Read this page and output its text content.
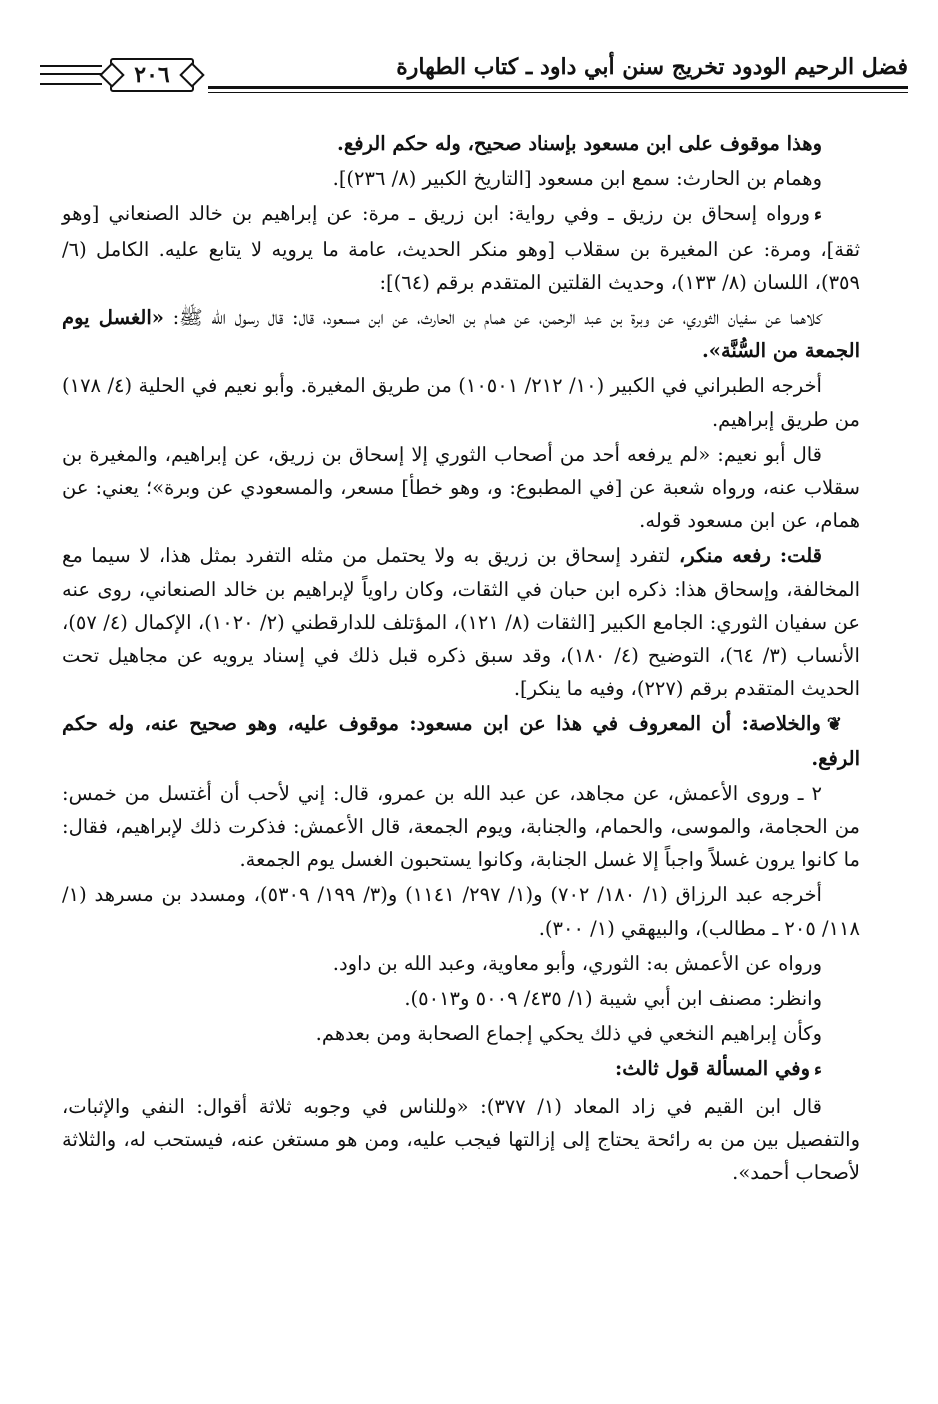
فضل الرحيم الودود تخريج سنن أبي داود ـ كتاب الطهارة
٢٠٦

وهذا موقوف على ابن مسعود بإسناد صحيح، وله حكم الرفع.

وهمام بن الحارث: سمع ابن مسعود [التاريخ الكبير (٨/ ٢٣٦)].

ءورواه إسحاق بن رزيق ـ وفي رواية: ابن زريق ـ مرة: عن إبراهيم بن خالد الصنعاني [وهو ثقة]، ومرة: عن المغيرة بن سقلاب [وهو منكر الحديث، عامة ما يرويه لا يتابع عليه. الكامل (٦/ ٣٥٩)، اللسان (٨/ ١٣٣)، وحديث القلتين المتقدم برقم (٦٤)]:

كلاهما عن سفيان الثوري، عن وبرة بن عبد الرحمن، عن همام بن الحارث، عن ابن مسعود، قال: قال رسول الله ﷺ: «الغسل يوم الجمعة من السُّنَّة».

أخرجه الطبراني في الكبير (١٠/ ٢١٢/ ١٠٥٠١) من طريق المغيرة. وأبو نعيم في الحلية (٤/ ١٧٨) من طريق إبراهيم.

قال أبو نعيم: «لم يرفعه أحد من أصحاب الثوري إلا إسحاق بن زريق، عن إبراهيم، والمغيرة بن سقلاب عنه، ورواه شعبة عن [في المطبوع: و، وهو خطأ] مسعر، والمسعودي عن وبرة»؛ يعني: عن همام، عن ابن مسعود قوله.

قلت: رفعه منكر، لتفرد إسحاق بن زريق به ولا يحتمل من مثله التفرد بمثل هذا، لا سيما مع المخالفة، وإسحاق هذا: ذكره ابن حبان في الثقات، وكان راوياً لإبراهيم بن خالد الصنعاني، روى عنه عن سفيان الثوري: الجامع الكبير [الثقات (٨/ ١٢١)، المؤتلف للدارقطني (٢/ ١٠٢٠)، الإكمال (٤/ ٥٧)، الأنساب (٣/ ٦٤)، التوضيح (٤/ ١٨٠)، وقد سبق ذكره قبل ذلك في إسناد يرويه عن مجاهيل تحت الحديث المتقدم برقم (٢٢٧)، وفيه ما ينكر].

❦والخلاصة: أن المعروف في هذا عن ابن مسعود: موقوف عليه، وهو صحيح عنه، وله حكم الرفع.

٢ ـ وروى الأعمش، عن مجاهد، عن عبد الله بن عمرو، قال: إني لأحب أن أغتسل من خمس: من الحجامة، والموسى، والحمام، والجنابة، ويوم الجمعة، قال الأعمش: فذكرت ذلك لإبراهيم، فقال: ما كانوا يرون غسلاً واجباً إلا غسل الجنابة، وكانوا يستحبون الغسل يوم الجمعة.

أخرجه عبد الرزاق (١/ ١٨٠/ ٧٠٢) و(١/ ٢٩٧/ ١١٤١) و(٣/ ١٩٩/ ٥٣٠٩)، ومسدد بن مسرهد (١/ ١١٨/ ٢٠٥ ـ مطالب)، والبيهقي (١/ ٣٠٠).

ورواه عن الأعمش به: الثوري، وأبو معاوية، وعبد الله بن داود.

وانظر: مصنف ابن أبي شيبة (١/ ٤٣٥/ ٥٠٠٩ و٥٠١٣).

وكأن إبراهيم النخعي في ذلك يحكي إجماع الصحابة ومن بعدهم.

ءوفي المسألة قول ثالث:

قال ابن القيم في زاد المعاد (١/ ٣٧٧): «وللناس في وجوبه ثلاثة أقوال: النفي والإثبات، والتفصيل بين من به رائحة يحتاج إلى إزالتها فيجب عليه، ومن هو مستغن عنه، فيستحب له، والثلاثة لأصحاب أحمد».
